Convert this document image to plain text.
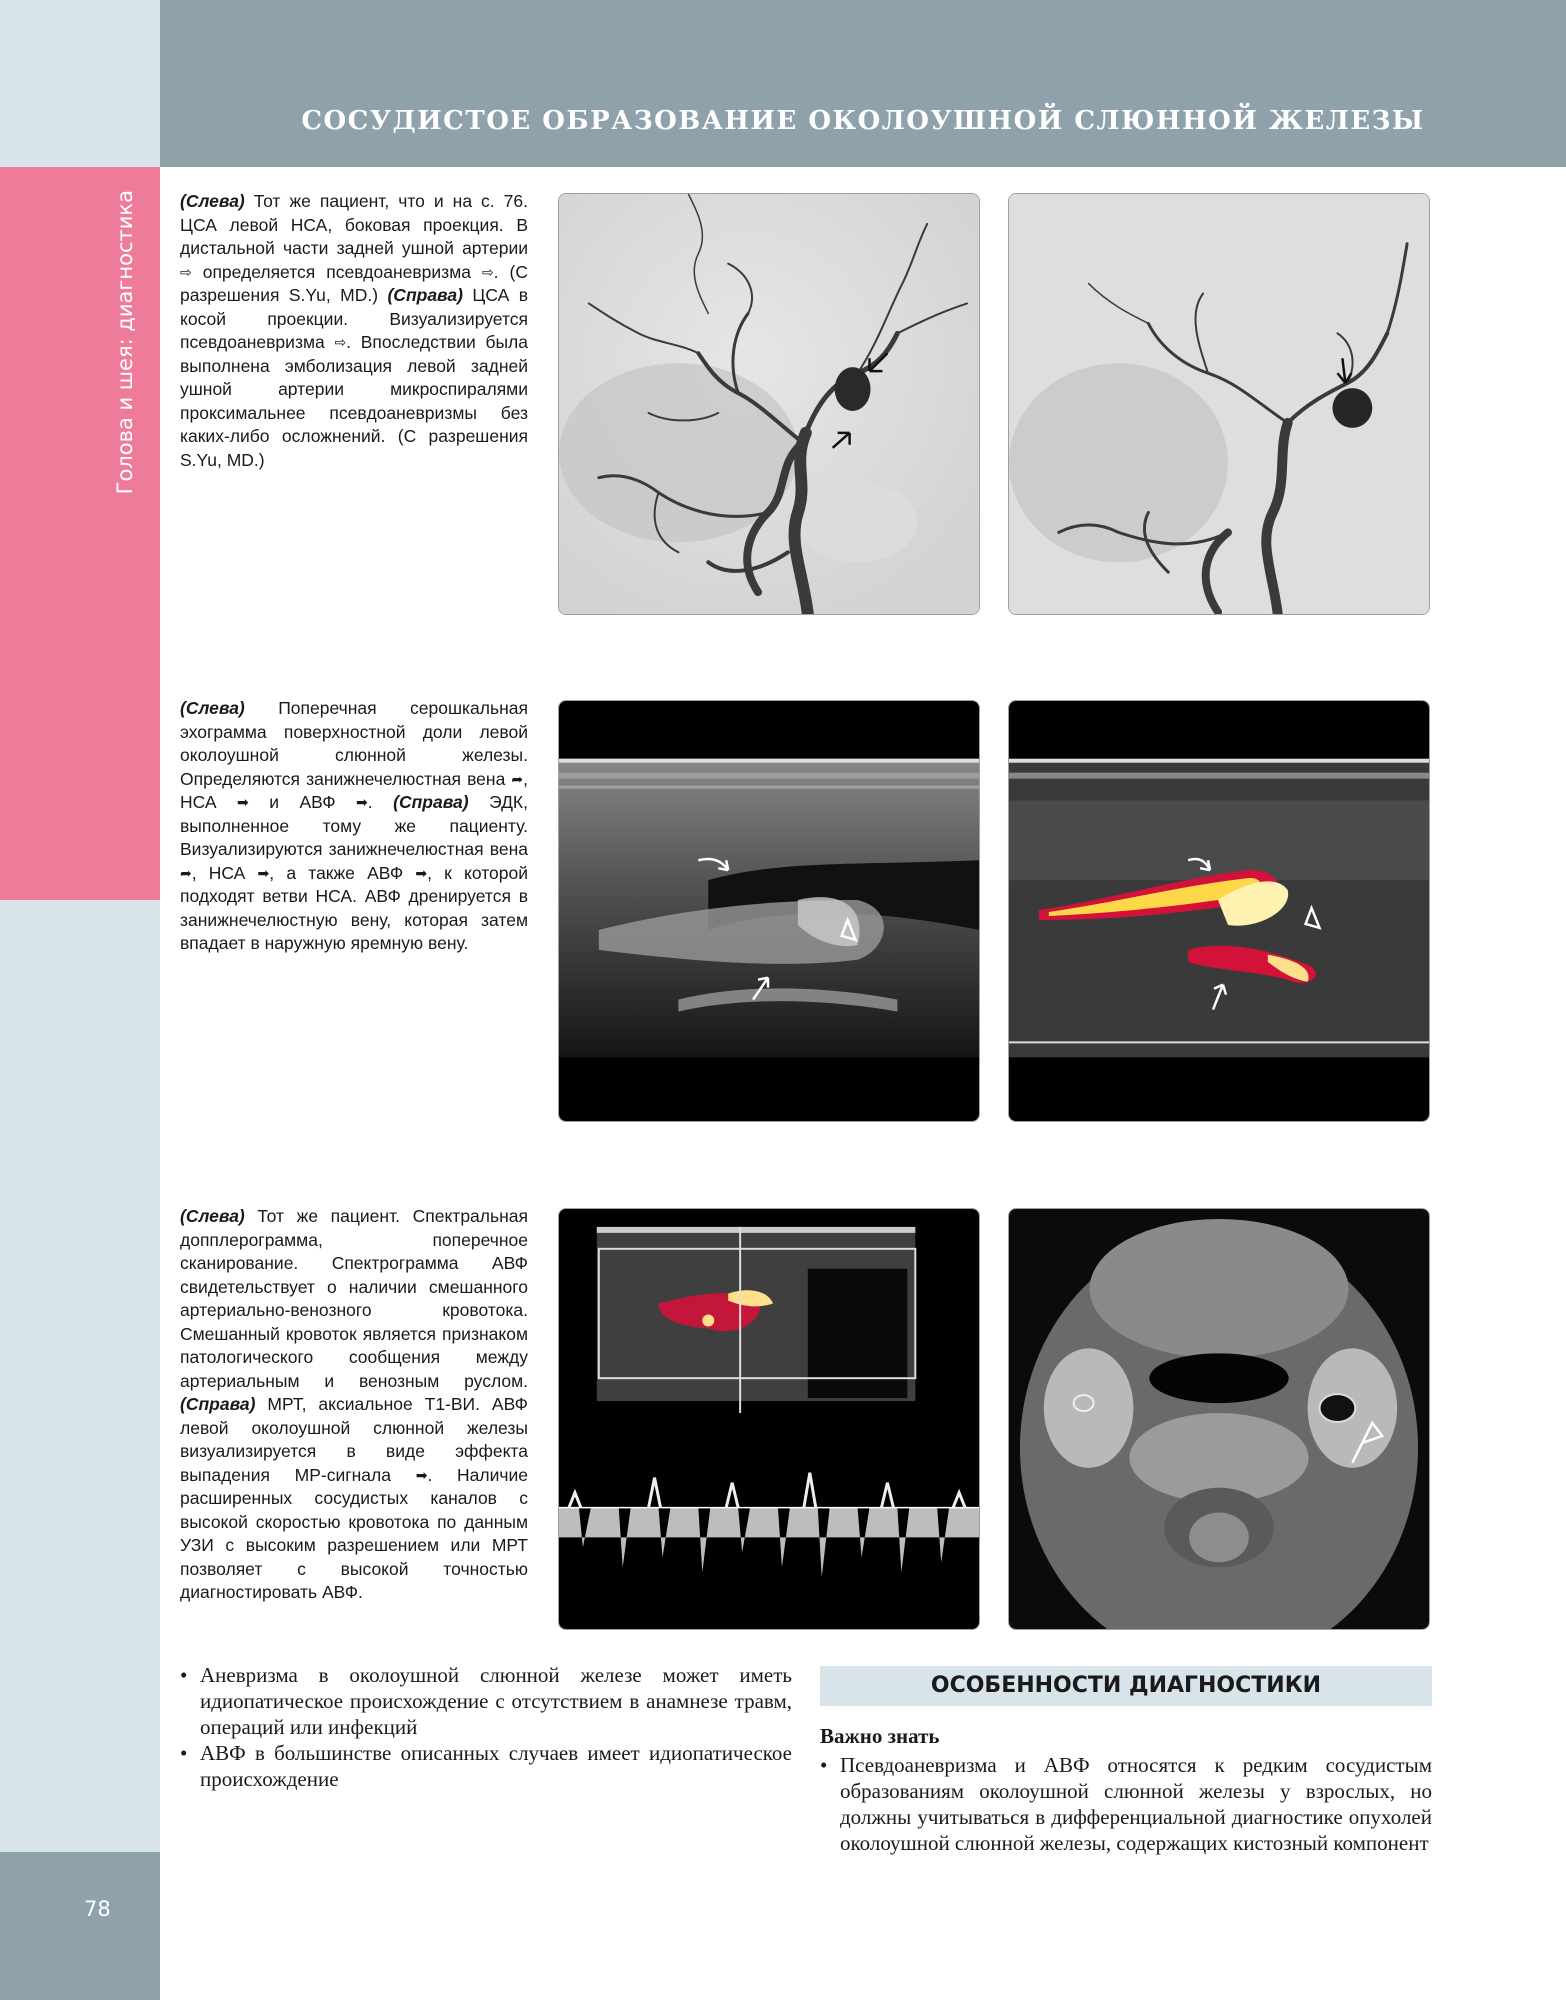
Голова и шея: диагностика
78
СОСУДИСТОЕ ОБРАЗОВАНИЕ ОКОЛОУШНОЙ СЛЮННОЙ ЖЕЛЕЗЫ
(Слева) Тот же пациент, что и на с. 76. ЦСА левой НСА, боковая проекция. В дистальной части задней ушной артерии ⇨ определяется псевдоаневризма ⇨. (С разрешения S.Yu, MD.) (Справа) ЦСА в косой проекции. Визуализируется псевдоаневризма ⇨. Впоследствии была выполнена эмболизация левой задней ушной артерии микроспиралями проксимальнее псевдоаневризмы без каких-либо осложнений. (С разрешения S.Yu, MD.)
(Слева) Поперечная серошкальная эхограмма поверхностной доли левой околоушной слюнной железы. Определяются занижнечелюстная вена ➦, НСА ➡ и АВФ ➡. (Справа) ЭДК, выполненное тому же пациенту. Визуализируются занижнечелюстная вена ➦, НСА ➡, а также АВФ ➡, к которой подходят ветви НСА. АВФ дренируется в занижнечелюстную вену, которая затем впадает в наружную яремную вену.
(Слева) Тот же пациент. Спектральная допплерограмма, поперечное сканирование. Спектрограмма АВФ свидетельствует о наличии смешанного артериально-венозного кровотока. Смешанный кровоток является признаком патологического сообщения между артериальным и венозным руслом. (Справа) МРТ, аксиальное Т1-ВИ. АВФ левой околоушной слюнной железы визуализируется в виде эффекта выпадения МР-сигнала ➡. Наличие расширенных сосудистых каналов с высокой скоростью кровотока по данным УЗИ с высоким разрешением или МРТ позволяет с высокой точностью диагностировать АВФ.
• Аневризма в околоушной слюнной железе может иметь идиопатическое происхождение с отсутствием в анамнезе травм, операций или инфекций
• АВФ в большинстве описанных случаев имеет идиопатическое происхождение
ОСОБЕННОСТИ ДИАГНОСТИКИ
Важно знать
• Псевдоаневризма и АВФ относятся к редким сосудистым образованиям околоушной слюнной железы у взрослых, но должны учитываться в дифференциальной диагностике опухолей околоушной слюнной железы, содержащих кистозный компонент
